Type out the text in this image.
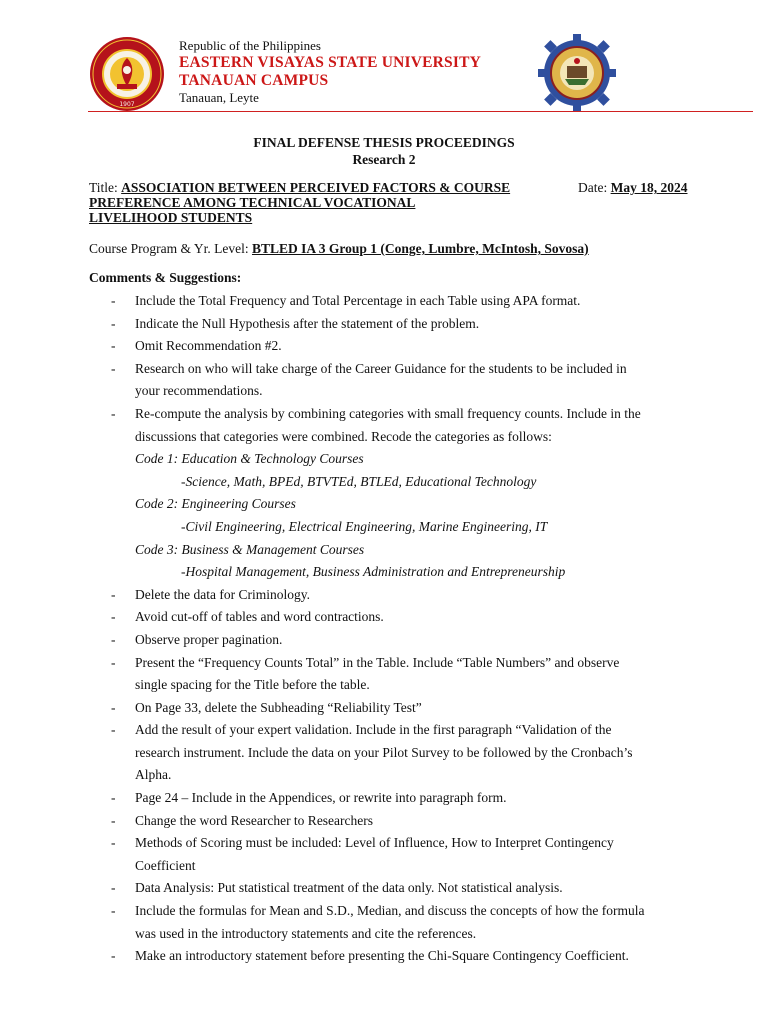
1907
Republic of the Philippines
EASTERN VISAYAS STATE UNIVERSITY
TANAUAN CAMPUS
Tanauan, Leyte
FINAL DEFENSE THESIS PROCEEDINGS
Research 2
Title: ASSOCIATION BETWEEN PERCEIVED FACTORS & COURSE
PREFERENCE AMONG TECHNICAL VOCATIONAL
LIVELIHOOD STUDENTS
Date: May 18, 2024
Course Program & Yr. Level: BTLED IA 3 Group 1 (Conge, Lumbre, McIntosh, Sovosa)
Comments & Suggestions:
- Include the Total Frequency and Total Percentage in each Table using APA format.
- Indicate the Null Hypothesis after the statement of the problem.
- Omit Recommendation #2.
- Research on who will take charge of the Career Guidance for the students to be included in
your recommendations.
- Re-compute the analysis by combining categories with small frequency counts. Include in the
discussions that categories were combined. Recode the categories as follows:
Code 1: Education & Technology Courses
-Science, Math, BPEd, BTVTEd, BTLEd, Educational Technology
Code 2: Engineering Courses
-Civil Engineering, Electrical Engineering, Marine Engineering, IT
Code 3: Business & Management Courses
-Hospital Management, Business Administration and Entrepreneurship
- Delete the data for Criminology.
- Avoid cut-off of tables and word contractions.
- Observe proper pagination.
- Present the “Frequency Counts Total” in the Table. Include “Table Numbers” and observe
single spacing for the Title before the table.
- On Page 33, delete the Subheading “Reliability Test”
- Add the result of your expert validation. Include in the first paragraph “Validation of the
research instrument. Include the data on your Pilot Survey to be followed by the Cronbach’s
Alpha.
- Page 24 – Include in the Appendices, or rewrite into paragraph form.
- Change the word Researcher to Researchers
- Methods of Scoring must be included: Level of Influence, How to Interpret Contingency
Coefficient
- Data Analysis: Put statistical treatment of the data only. Not statistical analysis.
- Include the formulas for Mean and S.D., Median, and discuss the concepts of how the formula
was used in the introductory statements and cite the references.
- Make an introductory statement before presenting the Chi-Square Contingency Coefficient.
